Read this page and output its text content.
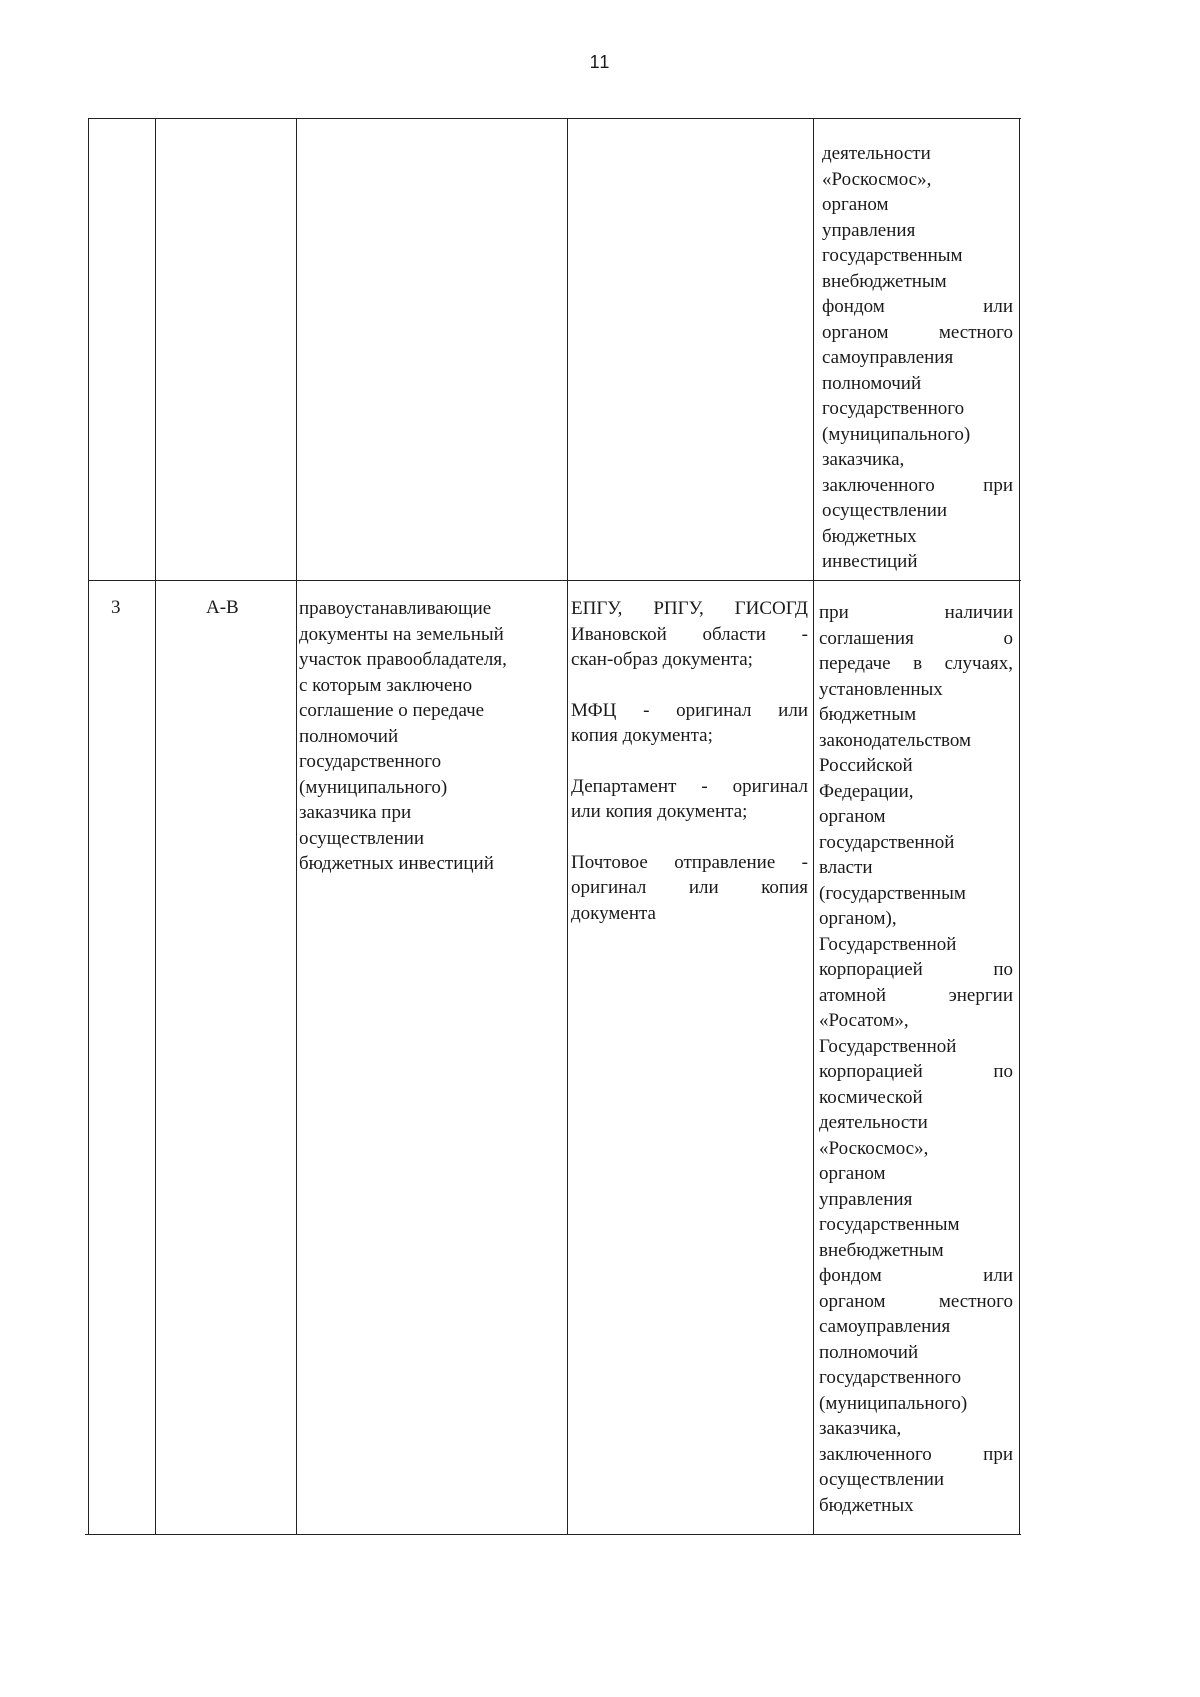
11
деятельности
«Роскосмос»,
органом
управления
государственным
внебюджетным
фондом или
органом местного
самоуправления
полномочий
государственного
(муниципального)
заказчика,
заключенного при
осуществлении
бюджетных
инвестиций
3	А-В	правоустанавливающие
документы на земельный
участок правообладателя,
с которым заключено
соглашение о передаче
полномочий
государственного
(муниципального)
заказчика при
осуществлении
бюджетных инвестиций
ЕПГУ, РПГУ, ГИСОГД
Ивановской области -
скан-образ документа;
МФЦ - оригинал или
копия документа;
Департамент - оригинал
или копия документа;
Почтовое отправление -
оригинал или копия
документа
при наличии
соглашения о
передаче в случаях,
установленных
бюджетным
законодательством
Российской
Федерации,
органом
государственной
власти
(государственным
органом),
Государственной
корпорацией по
атомной энергии
«Росатом»,
Государственной
корпорацией по
космической
деятельности
«Роскосмос»,
органом
управления
государственным
внебюджетным
фондом или
органом местного
самоуправления
полномочий
государственного
(муниципального)
заказчика,
заключенного при
осуществлении
бюджетных
